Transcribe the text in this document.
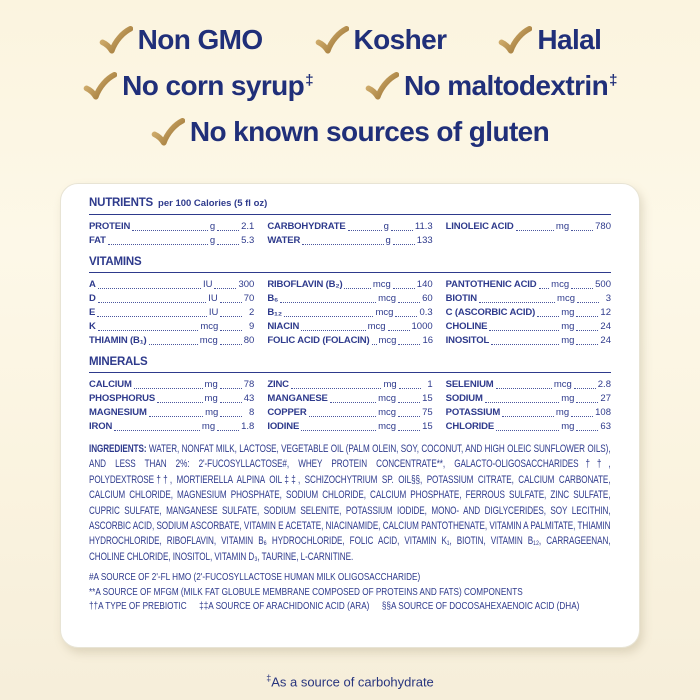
Non GMO	Kosher	Halal
No corn syrup ‡	No maltodextrin ‡
No known sources of gluten
NUTRIENTS per 100 Calories (5 fl oz)
PROTEIN	g	2.1
FAT	g	5.3
CARBOHYDRATE	g	11.3
WATER	g	133
LINOLEIC ACID	mg	780
VITAMINS
A	IU	300
D	IU	70
E	IU	2
K	mcg	9
THIAMIN (B₁)	mcg	80
RIBOFLAVIN (B₂)	mcg	140
B₆	mcg	60
B₁₂	mcg	0.3
NIACIN	mcg	1000
FOLIC ACID (FOLACIN) mcg	16
PANTOTHENIC ACID mcg	500
BIOTIN	mcg	3
C (ASCORBIC ACID)	mg	12
CHOLINE	mg	24
INOSITOL	mg	24
MINERALS
CALCIUM	mg	78
PHOSPHORUS	mg	43
MAGNESIUM	mg	8
IRON	mg	1.8
ZINC	mg	1
MANGANESE	mcg	15
COPPER	mcg	75
IODINE	mcg	15
SELENIUM	mcg	2.8
SODIUM	mg	27
POTASSIUM	mg	108
CHLORIDE	mg	63

INGREDIENTS: WATER, NONFAT MILK, LACTOSE, VEGETABLE OIL (PALM OLEIN, SOY, COCONUT, AND HIGH OLEIC SUNFLOWER OILS), AND LESS THAN 2%: 2'-FUCOSYLLACTOSE#, WHEY PROTEIN CONCENTRATE**, GALACTO-OLIGOSACCHARIDES††, POLYDEXTROSE††, MORTIERELLA ALPINA OIL‡‡, SCHIZOCHYTRIUM SP. OIL§§, POTASSIUM CITRATE, CALCIUM CARBONATE, CALCIUM CHLORIDE, MAGNESIUM PHOSPHATE, SODIUM CHLORIDE, CALCIUM PHOSPHATE, FERROUS SULFATE, ZINC SULFATE, CUPRIC SULFATE, MANGANESE SULFATE, SODIUM SELENITE, POTASSIUM IODIDE, MONO- AND DIGLYCERIDES, SOY LECITHIN, ASCORBIC ACID, SODIUM ASCORBATE, VITAMIN E ACETATE, NIACINAMIDE, CALCIUM PANTOTHENATE, VITAMIN A PALMITATE, THIAMIN HYDROCHLORIDE, RIBOFLAVIN, VITAMIN B₆ HYDROCHLORIDE, FOLIC ACID, VITAMIN K₁, BIOTIN, VITAMIN B₁₂, CARRAGEENAN, CHOLINE CHLORIDE, INOSITOL, VITAMIN D₃, TAURINE, L-CARNITINE.

#A SOURCE OF 2'-FL HMO (2'-FUCOSYLLACTOSE HUMAN MILK OLIGOSACCHARIDE)
**A SOURCE OF MFGM (MILK FAT GLOBULE MEMBRANE COMPOSED OF PROTEINS AND FATS) COMPONENTS
††A TYPE OF PREBIOTIC ‡‡A SOURCE OF ARACHIDONIC ACID (ARA) §§A SOURCE OF DOCOSAHEXAENOIC ACID (DHA)
‡As a source of carbohydrate
